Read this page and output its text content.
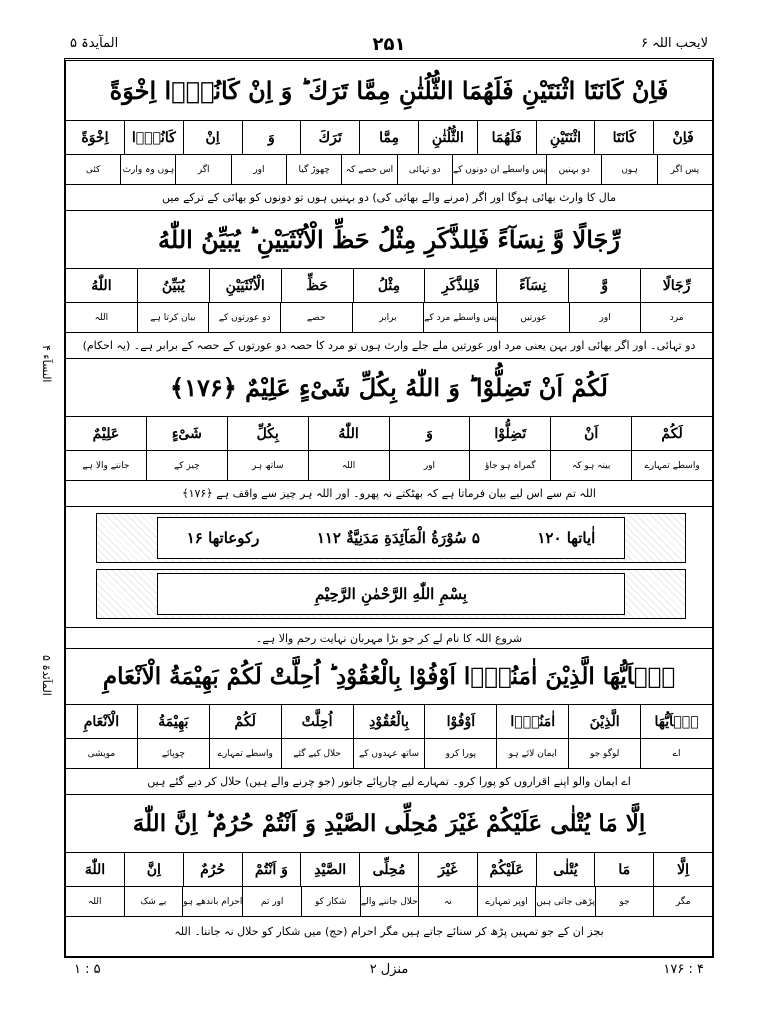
لایحب اللہ ۶
۲۵۱
المآیدۃ ۵
النسآء ۴
المآئدۃ ۵
فَاِنْ كَانَتَا اثْنَتَیْنِ فَلَهُمَا الثُّلُثٰنِ مِمَّا تَرَكَ ؕ وَ اِنْ كَانُوْۤا اِخْوَةً
فَاِنْ
كَانَتَا
اثْنَتَیْنِ
فَلَهُمَا
الثُّلُثٰنِ
مِمَّا
تَرَكَ
وَ
اِنْ
كَانُوْۤا
اِخْوَةً
پس اگر
ہوں
دو بہنیں
پس واسطے ان دونوں کے
دو تہائی
اس حصے کہ
چھوڑ گیا
اور
اگر
ہوں وہ وارث
کئی
مال کا وارث بھائی ہوگا اور اگر (مرنے والے بھائی کی) دو بہنیں ہوں تو دونوں کو بھائی کے ترکے میں
رِّجَالًا وَّ نِسَآءً فَلِلذَّكَرِ مِثْلُ حَظِّ الْاُنْثَیَیْنِ ؕ یُبَیِّنُ اللّٰهُ
رِّجَالًا
وَّ
نِسَآءً
فَلِلذَّكَرِ
مِثْلُ
حَظِّ
الْاُنْثَیَیْنِ
یُبَیِّنُ
اللّٰهُ
مرد
اور
عورتیں
پس واسطے مرد کے
برابر
حصے
دو عورتوں کے
بیان کرتا ہے
اللہ
دو تہائی۔ اور اگر بھائی اور بہن یعنی مرد اور عورتیں ملے جلے وارث ہوں تو مرد کا حصہ دو عورتوں کے حصہ کے برابر ہے۔ (یہ احکام)
لَكُمْ اَنْ تَضِلُّوْا ؕ وَ اللّٰهُ بِكُلِّ شَیْءٍ عَلِیْمٌ ﴿۱۷۶﴾
لَكُمْ
اَنْ
تَضِلُّوْا
وَ
اللّٰهُ
بِكُلِّ
شَیْءٍ
عَلِیْمٌ
واسطے تمہارے
بینہ ہو کہ
گمراہ ہو جاؤ
اور
اللہ
ساتھ ہر
چیز کے
جاننے والا ہے
اللہ تم سے اس لیے بیان فرماتا ہے کہ بھٹکتے نہ پھرو۔ اور اللہ ہر چیز سے واقف ہے ﴿۱۷۶﴾
اٰیاتھا ۱۲۰
۵ سُوْرَةُ الْمَآئِدَةِ مَدَنِیَّةٌ ۱۱۲
رکوعاتھا ۱۶
بِسْمِ اللّٰهِ الرَّحْمٰنِ الرَّحِیْمِ
شروع اللہ کا نام لے کر جو بڑا مہربان نہایت رحم والا ہے۔
یٰۤاَیُّهَا الَّذِیْنَ اٰمَنُوْۤا اَوْفُوْا بِالْعُقُوْدِ ؕ اُحِلَّتْ لَكُمْ بَهِیْمَةُ الْاَنْعَامِ
یٰۤاَیُّهَا
الَّذِیْنَ
اٰمَنُوْۤا
اَوْفُوْا
بِالْعُقُوْدِ
اُحِلَّتْ
لَكُمْ
بَهِیْمَةُ
الْاَنْعَامِ
اے
لوگو جو
ایمان لائے ہو
پورا کرو
ساتھ عہدوں کے
حلال کیے گئے
واسطے تمہارے
چوپائے
مویشی
اے ایمان والو اپنے اقراروں کو پورا کرو۔ تمہارے لیے چارپائے جانور (جو چرنے والے ہیں) حلال کر دیے گئے ہیں
اِلَّا مَا یُتْلٰى عَلَیْكُمْ غَیْرَ مُحِلِّی الصَّیْدِ وَ اَنْتُمْ حُرُمٌ ؕ اِنَّ اللّٰهَ
اِلَّا
مَا
یُتْلٰى
عَلَیْكُمْ
غَیْرَ
مُحِلِّی
الصَّیْدِ
وَ اَنْتُمْ
حُرُمٌ
اِنَّ
اللّٰهَ
مگر
جو
پڑھی جاتی ہیں
اوپر تمہارے
نہ
حلال جاننے والے
شکار کو
اور تم
احرام باندھے ہو
بے شک
اللہ
بجز ان کے جو تمہیں پڑھ کر سنائے جاتے ہیں مگر احرام (حج) میں شکار کو حلال نہ جاننا۔ اللہ
۱ : ۵	منزل ۲	۱۷۶ : ۴
